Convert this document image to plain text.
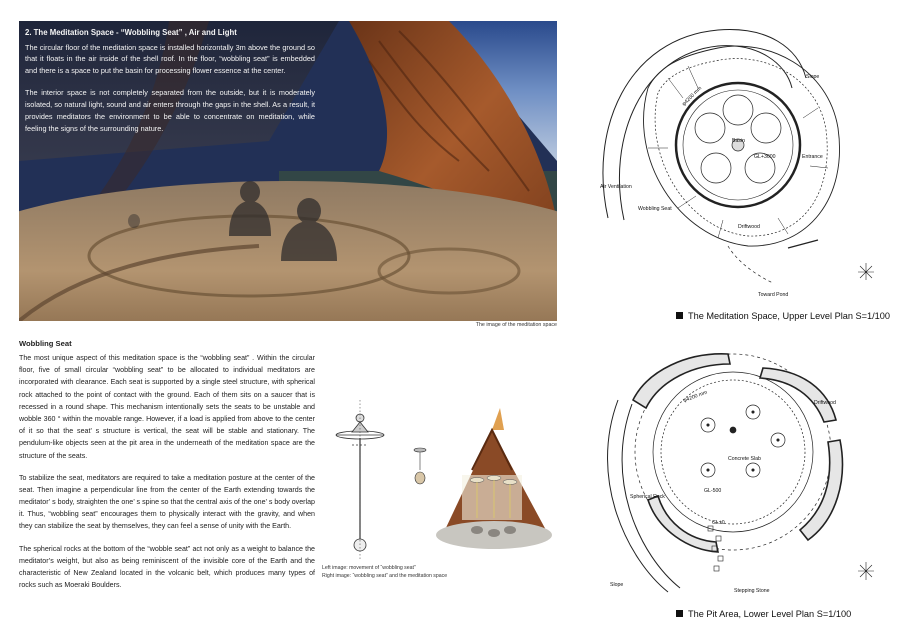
2. The Meditation Space - “Wobbling Seat” , Air and Light

The circular floor of the meditation space is installed horizontally 3m above the ground so that it floats in the air inside of the shell roof. In the floor, “wobbling seat” is embedded and there is a space to put the basin for processing flower essence at the center.

The interior space is not completely separated from the outside, but it is moderately isolated, so natural light, sound and air enters through the gaps in the shell. As a result, it provides meditators the environment to be able to concentrate on meditation, while feeling the signs of the surrounding nature.

The image of the meditation space
Wobbling Seat

The most unique aspect of this meditation space is the “wobbling seat” . Within the circular floor, five of small circular “wobbling seat” to be allocated to individual meditators are incorporated with clearance. Each seat is supported by a single steel structure, with spherical rock attached to the point of contact with the ground. Each of them sits on a saucer that is recessed in a round shape. This mechanism intentionally sets the seats to be unstable and wobble 360 ° within the movable range. However, if a load is applied from above to the center of it so that the seat’ s structure is vertical, the seat will be stable and stationary. The pendulum-like objects seen at the pit area in the underneath of the meditation space are the structure of the seats.

To stabilize the seat, meditators are required to take a meditation posture at the center of the seat. Then imagine a perpendicular line from the center of the Earth extending towards the meditator’ s body, straighten the one’ s spine so that the central axis of the one’ s body overlap it. Thus, “wobbling seat” encourages them to physically interact with the gravity, and when they can stabilize the seat by themselves, they can feel a sense of unity with the Earth.

The spherical rocks at the bottom of the “wobble seat” act not only as a weight to balance the meditator’s weight, but also as being reminiscent of the invisible core of the Earth and the characteristic of New Zealand located in the volcanic belt, which produces many types of rocks such as Moeraki Boulders.

Left image: movement of “wobbling seat”
Right image: “wobbling seat” and the meditation space
Slope
GL+3000
Basin
φ4200 mm
Entrance
Air Ventilation
Wobbling Seat
Driftwood
Toward Pond
The Meditation Space, Upper Level Plan S=1/100
Driftwood
φ4200 mm
Concrete Slab
GL-500
GL±0
Spherical Rock
Slope
Stepping Stone
The Pit Area, Lower Level Plan S=1/100
